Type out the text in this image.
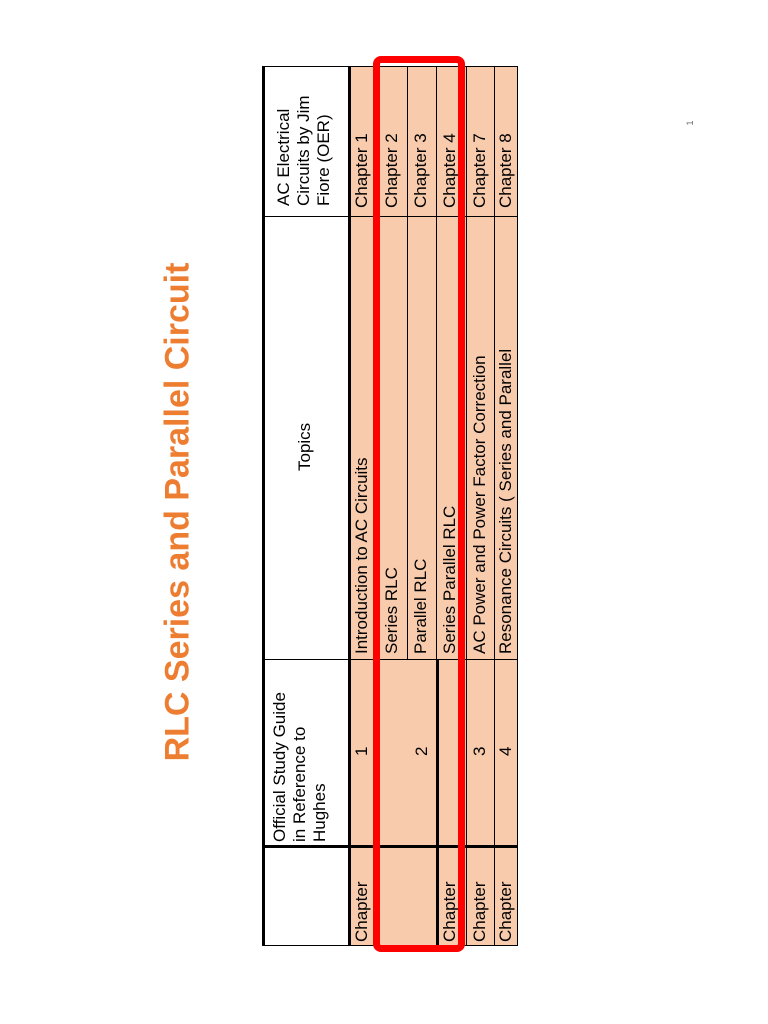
RLC Series and Parallel Circuit
1
AC Electrical Circuits by Jim Fiore (OER)
Topics
Official Study Guide in Reference to Hughes
Chapter 1
Introduction to AC Circuits
1
Chapter
Chapter 2
Series RLC
Chapter 3
Parallel RLC
2
Chapter 4
Series Parallel RLC
Chapter
Chapter 7
AC Power and Power Factor Correction
3
Chapter
Chapter 8
Resonance Circuits ( Series and Parallel
4
Chapter
